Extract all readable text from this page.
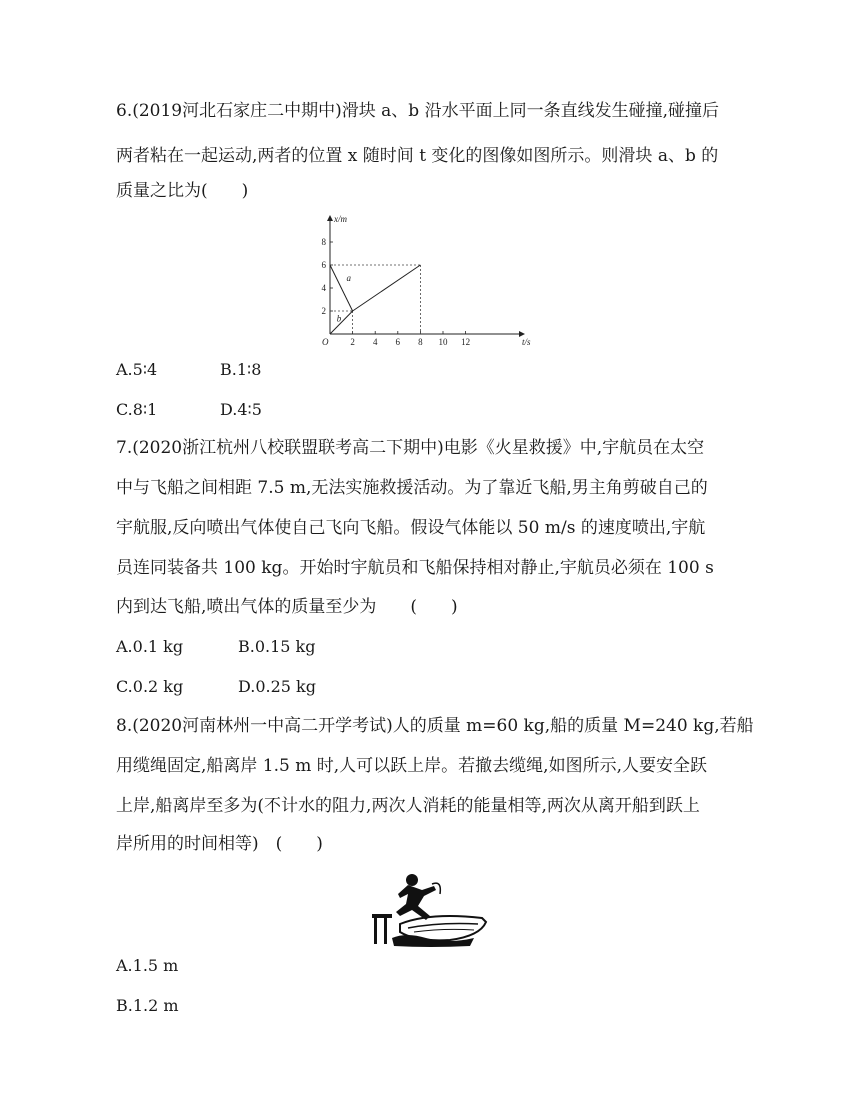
6.(2019河北石家庄二中期中)滑块 a、b 沿水平面上同一条直线发生碰撞,碰撞后
两者粘在一起运动,两者的位置 x 随时间 t 变化的图像如图所示。则滑块 a、b 的
质量之比为(　　)
x/m
t/s
O 2 4 6 8 10 12
2
4
6
8
a
b
A.5∶4	B.1∶8
C.8∶1	D.4∶5
7.(2020浙江杭州八校联盟联考高二下期中)电影《火星救援》中,宇航员在太空
中与飞船之间相距 7.5 m,无法实施救援活动。为了靠近飞船,男主角剪破自己的
宇航服,反向喷出气体使自己飞向飞船。假设气体能以 50 m/s 的速度喷出,宇航
员连同装备共 100 kg。开始时宇航员和飞船保持相对静止,宇航员必须在 100 s
内到达飞船,喷出气体的质量至少为　　(　　)
A.0.1 kg	B.0.15 kg
C.0.2 kg	D.0.25 kg
8.(2020河南林州一中高二开学考试)人的质量 m=60 kg,船的质量 M=240 kg,若船
用缆绳固定,船离岸 1.5 m 时,人可以跃上岸。若撤去缆绳,如图所示,人要安全跃
上岸,船离岸至多为(不计水的阻力,两次人消耗的能量相等,两次从离开船到跃上
岸所用的时间相等)　(　　)
A.1.5 m
B.1.2 m
